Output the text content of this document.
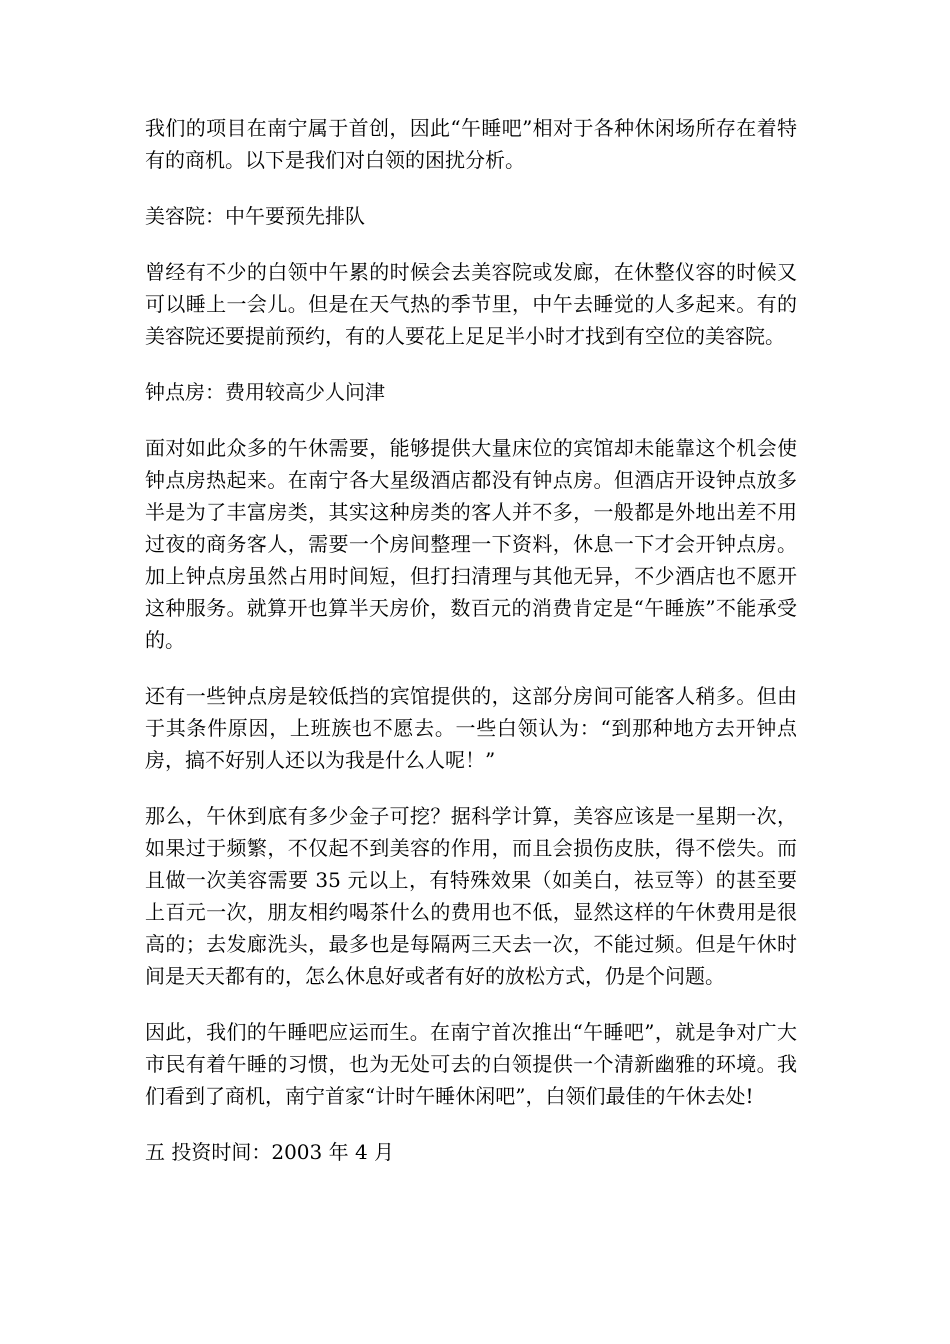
我们的项目在南宁属于首创，因此“午睡吧”相对于各种休闲场所存在着特有的商机。以下是我们对白领的困扰分析。

美容院：中午要预先排队

曾经有不少的白领中午累的时候会去美容院或发廊，在休整仪容的时候又可以睡上一会儿。但是在天气热的季节里，中午去睡觉的人多起来。有的美容院还要提前预约，有的人要花上足足半小时才找到有空位的美容院。

钟点房：费用较高少人问津

面对如此众多的午休需要，能够提供大量床位的宾馆却未能靠这个机会使钟点房热起来。在南宁各大星级酒店都没有钟点房。但酒店开设钟点放多半是为了丰富房类，其实这种房类的客人并不多，一般都是外地出差不用过夜的商务客人，需要一个房间整理一下资料，休息一下才会开钟点房。加上钟点房虽然占用时间短，但打扫清理与其他无异，不少酒店也不愿开这种服务。就算开也算半天房价，数百元的消费肯定是“午睡族”不能承受的。

还有一些钟点房是较低挡的宾馆提供的，这部分房间可能客人稍多。但由于其条件原因，上班族也不愿去。一些白领认为：“到那种地方去开钟点房，搞不好别人还以为我是什么人呢！”

那么，午休到底有多少金子可挖？据科学计算，美容应该是一星期一次，如果过于频繁，不仅起不到美容的作用，而且会损伤皮肤，得不偿失。而且做一次美容需要 35 元以上，有特殊效果（如美白，祛豆等）的甚至要上百元一次，朋友相约喝茶什么的费用也不低，显然这样的午休费用是很高的；去发廊洗头，最多也是每隔两三天去一次，不能过频。但是午休时间是天天都有的，怎么休息好或者有好的放松方式，仍是个问题。

因此，我们的午睡吧应运而生。在南宁首次推出“午睡吧”，就是争对广大市民有着午睡的习惯，也为无处可去的白领提供一个清新幽雅的环境。我们看到了商机，南宁首家“计时午睡休闲吧”，白领们最佳的午休去处!

五 投资时间：2003 年 4 月
